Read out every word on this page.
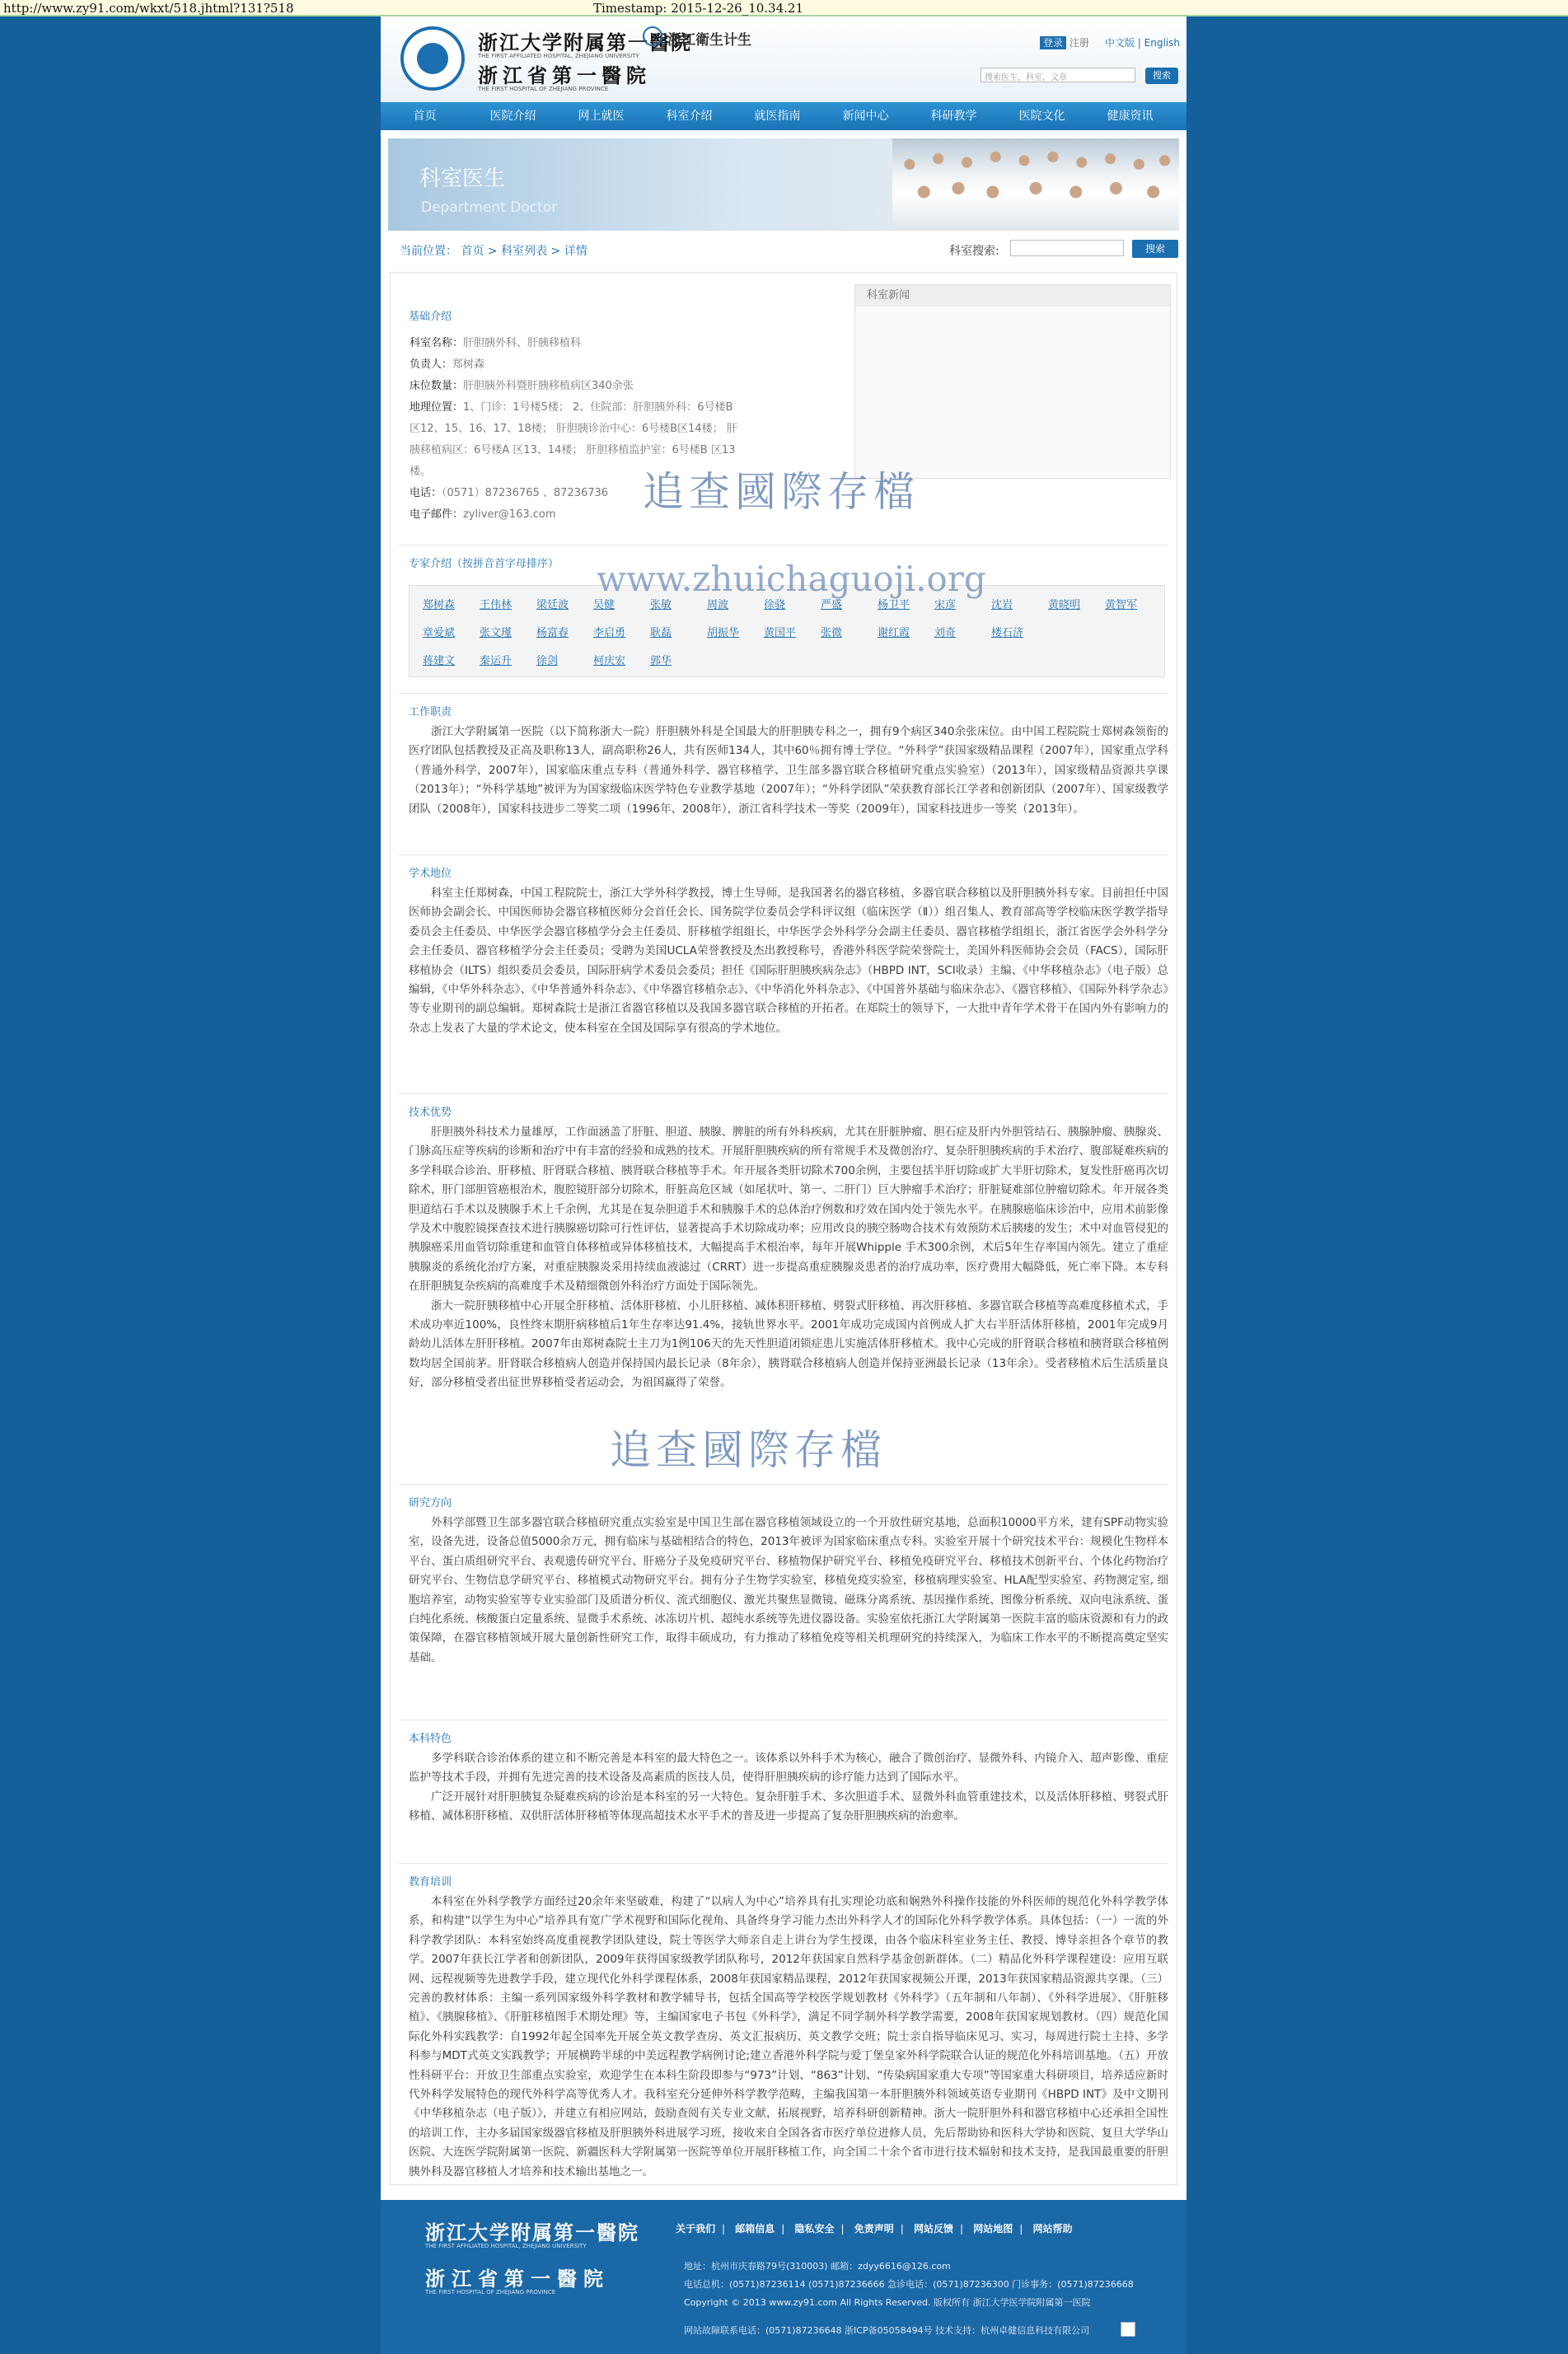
http://www.zy91.com/wkxt/518.jhtml?131?518	Timestamp: 2015-12-26_10.34.21
浙江大学附属第一醫院
THE FIRST AFFILIATED HOSPITAL, ZHEJIANG UNIVERSITY
浙江省第一醫院
THE FIRST HOSPITAL OF ZHEJIANG PROVINCE
浙江衛生计生	登录 注册 中文版 | English
搜索医生，科室，文章	搜索
首页	医院介绍	网上就医	科室介绍	就医指南	新闻中心	科研教学	医院文化	健康资讯
科室医生
Department Doctor
当前位置： 首页 > 科室列表 > 详情	科室搜索:	搜索
基础介绍
科室名称：肝胆胰外科、肝胰移植科
负责人：郑树森
床位数量：肝胆胰外科暨肝胰移植病区340余张
地理位置：1、门诊：1号楼5楼； 2、住院部：肝胆胰外科：6号楼B
区12、15、16、17、18楼； 肝胆胰诊治中心：6号楼B区14楼； 肝
胰移植病区：6号楼A 区13、14楼； 肝胆移植监护室：6号楼B 区13
楼。
电话：（0571）87236765 、87236736
电子邮件：zyliver@163.com
科室新闻
专家介绍（按拼音首字母排序）
郑树森 王伟林 梁廷波 吴健	张敏	周波	徐骁	严盛	杨卫平 宋彦	沈岩	黄晓明 黄智军
章爱斌 张文瑾 杨富春 李启勇 耿磊	胡振华 黄国平 张微	谢红霞 刘奇	楼石济
蒋建文 秦运升 徐剑	柯庆宏 郭华
工作职责

浙江大学附属第一医院（以下简称浙大一院）肝胆胰外科是全国最大的肝胆胰专科之一，拥有9个病区340余张床位。由中国工程院院士郑树森领衔的医疗团队包括教授及正高及职称13人，副高职称26人，共有医师134人，其中60％拥有博士学位。“外科学”获国家级精品课程（2007年），国家重点学科（普通外科学，2007年），国家临床重点专科（普通外科学、器官移植学、卫生部多器官联合移植研究重点实验室）（2013年），国家级精品资源共享课（2013年）；“外科学基地”被评为为国家级临床医学特色专业教学基地（2007年）；“外科学团队”荣获教育部长江学者和创新团队（2007年）、国家级教学团队（2008年），国家科技进步二等奖二项（1996年、2008年），浙江省科学技术一等奖（2009年），国家科技进步一等奖（2013年）。

学术地位

科室主任郑树森，中国工程院院士，浙江大学外科学教授，博士生导师，是我国著名的器官移植、多器官联合移植以及肝胆胰外科专家。目前担任中国医师协会副会长、中国医师协会器官移植医师分会首任会长、国务院学位委员会学科评议组（临床医学（Ⅱ））组召集人、教育部高等学校临床医学教学指导委员会主任委员、中华医学会器官移植学分会主任委员、肝移植学组组长，中华医学会外科学分会副主任委员、器官移植学组组长，浙江省医学会外科学分会主任委员、器官移植学分会主任委员；受聘为美国UCLA荣誉教授及杰出教授称号，香港外科医学院荣誉院士，美国外科医师协会会员（FACS），国际肝移植协会（ILTS）组织委员会委员，国际肝病学术委员会委员；担任《国际肝胆胰疾病杂志》（HBPD INT，SCI收录）主编、《中华移植杂志》（电子版）总编辑，《中华外科杂志》、《中华普通外科杂志》、《中华器官移植杂志》、《中华消化外科杂志》、《中国普外基础与临床杂志》、《器官移植》、《国际外科学杂志》等专业期刊的副总编辑。郑树森院士是浙江省器官移植以及我国多器官联合移植的开拓者。在郑院士的领导下，一大批中青年学术骨干在国内外有影响力的杂志上发表了大量的学术论文，使本科室在全国及国际享有很高的学术地位。

技术优势

肝胆胰外科技术力量雄厚，工作面涵盖了肝脏、胆道、胰腺、脾脏的所有外科疾病，尤其在肝脏肿瘤、胆石症及肝内外胆管结石、胰腺肿瘤、胰腺炎、门脉高压症等疾病的诊断和治疗中有丰富的经验和成熟的技术。开展肝胆胰疾病的所有常规手术及微创治疗、复杂肝胆胰疾病的手术治疗、腹部疑难疾病的多学科联合诊治、肝移植、肝肾联合移植、胰肾联合移植等手术。年开展各类肝切除术700余例，主要包括半肝切除或扩大半肝切除术，复发性肝癌再次切除术，肝门部胆管癌根治术，腹腔镜肝部分切除术，肝脏高危区域（如尾状叶、第一、二肝门）巨大肿瘤手术治疗；肝脏疑难部位肿瘤切除术。年开展各类胆道结石手术以及胰腺手术上千余例，尤其是在复杂胆道手术和胰腺手术的总体治疗例数和疗效在国内处于领先水平。在胰腺癌临床诊治中，应用术前影像学及术中腹腔镜探查技术进行胰腺癌切除可行性评估，显著提高手术切除成功率；应用改良的胰空肠吻合技术有效预防术后胰瘘的发生；术中对血管侵犯的胰腺癌采用血管切除重建和血管自体移植或异体移植技术，大幅提高手术根治率，每年开展Whipple 手术300余例，术后5年生存率国内领先。建立了重症胰腺炎的系统化治疗方案，对重症胰腺炎采用持续血液滤过（CRRT）进一步提高重症胰腺炎患者的治疗成功率，医疗费用大幅降低，死亡率下降。本专科在肝胆胰复杂疾病的高难度手术及精细微创外科治疗方面处于国际领先。

浙大一院肝胰移植中心开展全肝移植、活体肝移植、小儿肝移植、减体积肝移植、劈裂式肝移植、再次肝移植、多器官联合移植等高难度移植术式，手术成功率近100%，良性终末期肝病移植后1年生存率达91.4%，接轨世界水平。2001年成功完成国内首例成人扩大右半肝活体肝移植，2001年完成9月龄幼儿活体左肝肝移植。2007年由郑树森院士主刀为1例106天的先天性胆道闭锁症患儿实施活体肝移植术。我中心完成的肝肾联合移植和胰肾联合移植例数均居全国前茅。肝肾联合移植病人创造并保持国内最长记录（8年余），胰肾联合移植病人创造并保持亚洲最长记录（13年余）。受者移植术后生活质量良好，部分移植受者出征世界移植受者运动会，为祖国赢得了荣誉。

研究方向

外科学部暨卫生部多器官联合移植研究重点实验室是中国卫生部在器官移植领域设立的一个开放性研究基地，总面积10000平方米，建有SPF动物实验室，设备先进，设备总值5000余万元，拥有临床与基础相结合的特色，2013年被评为国家临床重点专科。实验室开展十个研究技术平台：规模化生物样本平台、蛋白质组研究平台、表观遗传研究平台、肝癌分子及免疫研究平台、移植物保护研究平台、移植免疫研究平台、移植技术创新平台、个体化药物治疗研究平台、生物信息学研究平台、移植模式动物研究平台。拥有分子生物学实验室，移植免疫实验室，移植病理实验室、HLA配型实验室、药物测定室, 细胞培养室，动物实验室等专业实验部门及质谱分析仪、流式细胞仪、激光共聚焦显微镜、磁珠分离系统、基因操作系统、图像分析系统、双向电泳系统、蛋白纯化系统、核酸蛋白定量系统、显微手术系统、冰冻切片机、超纯水系统等先进仪器设备。实验室依托浙江大学附属第一医院丰富的临床资源和有力的政策保障，在器官移植领域开展大量创新性研究工作，取得丰硕成功，有力推动了移植免疫等相关机理研究的持续深入，为临床工作水平的不断提高奠定坚实基础。

本科特色

多学科联合诊治体系的建立和不断完善是本科室的最大特色之一。该体系以外科手术为核心，融合了微创治疗、显微外科、内镜介入、超声影像、重症监护等技术手段，并拥有先进完善的技术设备及高素质的医技人员，使得肝胆胰疾病的诊疗能力达到了国际水平。

广泛开展针对肝胆胰复杂疑难疾病的诊治是本科室的另一大特色。复杂肝脏手术、多次胆道手术、显微外科血管重建技术，以及活体肝移植、劈裂式肝移植、减体积肝移植、双供肝活体肝移植等体现高超技术水平手术的普及进一步提高了复杂肝胆胰疾病的治愈率。

教育培训

本科室在外科学教学方面经过20余年来坚破难，构建了“以病人为中心”培养具有扎实理论功底和娴熟外科操作技能的外科医师的规范化外科学教学体系，和构建“以学生为中心”培养具有宽广学术视野和国际化视角、具备终身学习能力杰出外科学人才的国际化外科学教学体系。具体包括：（一）一流的外科学教学团队：本科室始终高度重视教学团队建设，院士等医学大师亲自走上讲台为学生授课，由各个临床科室业务主任、教授、博导亲担各个章节的教学。2007年获长江学者和创新团队，2009年获得国家级教学团队称号，2012年获国家自然科学基金创新群体。（二）精品化外科学课程建设：应用互联网、远程视频等先进教学手段，建立现代化外科学课程体系，2008年获国家精品课程，2012年获国家视频公开课，2013年获国家精品资源共享课。（三）完善的教材体系：主编一系列国家级外科学教材和教学辅导书，包括全国高等学校医学规划教材《外科学》（五年制和八年制）、《外科学进展》、《肝脏移植》、《胰腺移植》、《肝脏移植图手术期处理》等，主编国家电子书包《外科学》，满足不同学制外科学教学需要，2008年获国家规划教材。（四）规范化国际化外科实践教学：自1992年起全国率先开展全英文教学查房、英文汇报病历、英文教学交班；院士亲自指导临床见习、实习，每周进行院士主持、多学科参与MDT式英文实践教学；开展横跨半球的中美远程教学病例讨论;建立香港外科学院与爱丁堡皇家外科学院联合认证的规范化外科培训基地。（五）开放性科研平台：开放卫生部重点实验室，欢迎学生在本科生阶段即参与“973”计划、“863”计划、“传染病国家重大专项”等国家重大科研项目，培养适应新时代外科学发展特色的现代外科学高等优秀人才。我科室充分延伸外科学教学范畴，主编我国第一本肝胆胰外科领域英语专业期刊《HBPD INT》及中文期刊《中华移植杂志（电子版）》，并建立有相应网站，鼓励查阅有关专业文献，拓展视野，培养科研创新精神。浙大一院肝胆外科和器官移植中心还承担全国性的培训工作，主办多届国家级器官移植及肝胆胰外科进展学习班，接收来自全国各省市医疗单位进修人员，先后帮助协和医科大学协和医院、复旦大学华山医院、大连医学院附属第一医院、新疆医科大学附属第一医院等单位开展肝移植工作，向全国二十余个省市进行技术辐射和技术支持，是我国最重要的肝胆胰外科及器官移植人才培养和技术输出基地之一。

追查國際存檔
www.zhuichaguoji.org
追查國際存檔
浙江大学附属第一醫院
THE FIRST AFFILIATED HOSPITAL, ZHEJIANG UNIVERSITY
浙江省第一醫院
THE FIRST HOSPITAL OF ZHEJIANG PROVINCE
关于我们 | 邮箱信息 | 隐私安全 | 免责声明 | 网站反馈 | 网站地图 | 网站帮助
地址：杭州市庆春路79号(310003) 邮箱：zdyy6616@126.com
电话总机：(0571)87236114 (0571)87236666 急诊电话：(0571)87236300 门诊事务：(0571)87236668
Copyright © 2013 www.zy91.com All Rights Reserved. 版权所有 浙江大学医学院附属第一医院
网站故障联系电话：(0571)87236648 浙ICP备05058494号 技术支持：杭州卓健信息科技有限公司
